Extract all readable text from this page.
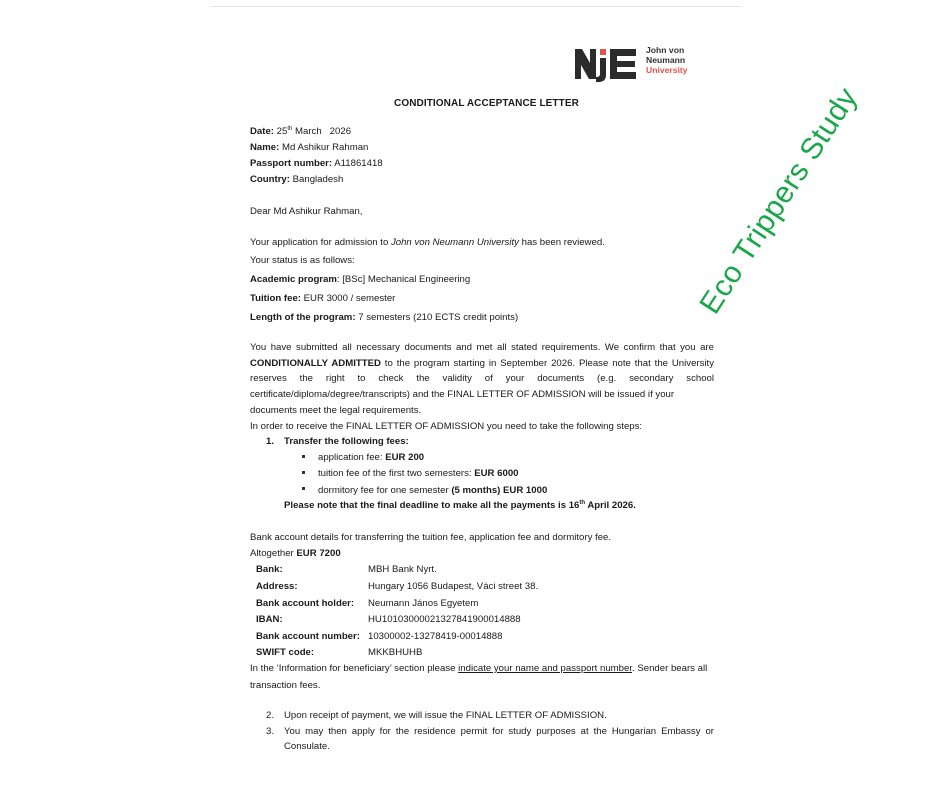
John von
Neumann
University
CONDITIONAL ACCEPTANCE LETTER
Date: 25th March   2026
Name: Md Ashikur Rahman
Passport number: A11861418
Country: Bangladesh
Dear Md Ashikur Rahman,
Your application for admission to John von Neumann University has been reviewed.
Your status is as follows:
Academic program: [BSc] Mechanical Engineering
Tuition fee: EUR 3000 / semester
Length of the program: 7 semesters (210 ECTS credit points)
You have submitted all necessary documents and met all stated requirements. We confirm that you are CONDITIONALLY ADMITTED to the program starting in September 2026. Please note that the University reserves the right to check the validity of your documents (e.g. secondary school certificate/diploma/degree/transcripts) and the FINAL LETTER OF ADMISSION will be issued if your
documents meet the legal requirements.
In order to receive the FINAL LETTER OF ADMISSION you need to take the following steps:
1. Transfer the following fees:
application fee: EUR 200
tuition fee of the first two semesters: EUR 6000
dormitory fee for one semester (5 months) EUR 1000
Please note that the final deadline to make all the payments is 16th April 2026.
Bank account details for transferring the tuition fee, application fee and dormitory fee.
Altogether EUR 7200
Bank:	MBH Bank Nyrt.
Address:	Hungary 1056 Budapest, Váci street 38.
Bank account holder: Neumann János Egyetem
IBAN:	HU10103000021327841900014888
Bank account number: 10300002-13278419-00014888
SWIFT code:	MKKBHUHB
In the ‘Information for beneficiary’ section please indicate your name and passport number. Sender bears all
transaction fees.
2. Upon receipt of payment, we will issue the FINAL LETTER OF ADMISSION.
3. You may then apply for the residence permit for study purposes at the Hungarian Embassy or
Consulate.
Eco Trippers Study
